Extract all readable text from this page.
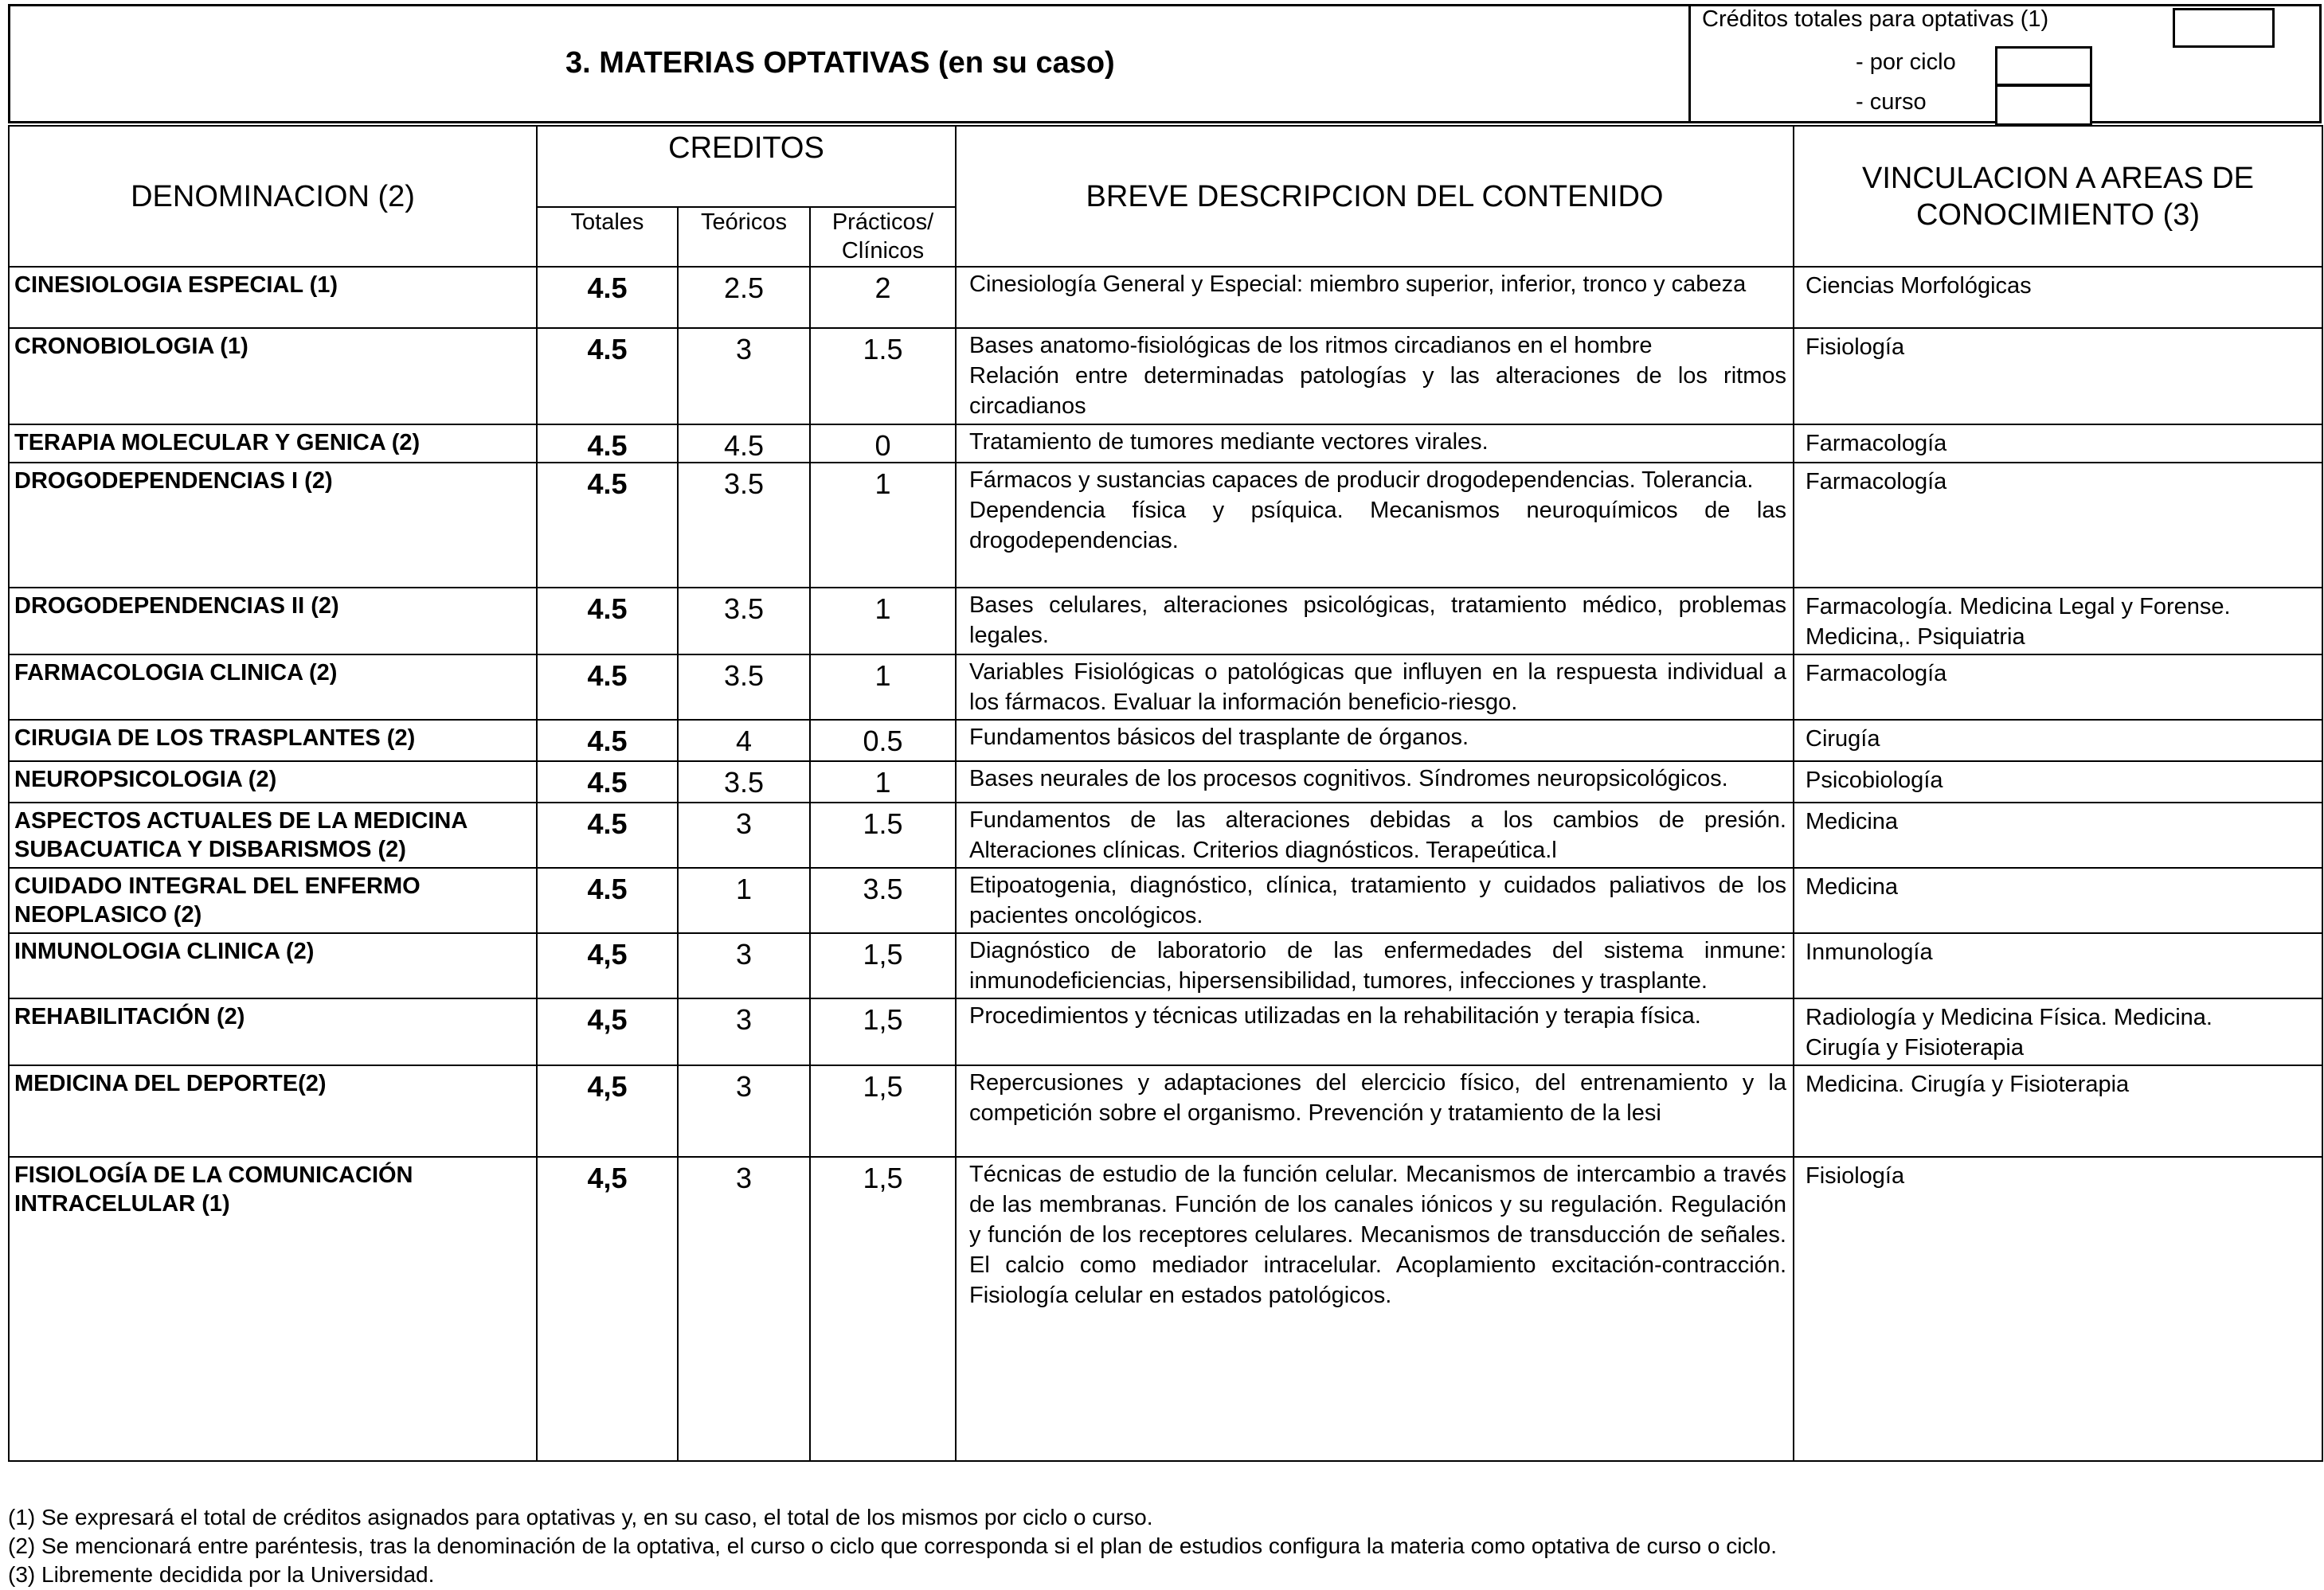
3. MATERIAS OPTATIVAS (en su caso)
Créditos totales para optativas (1)
- por ciclo
- curso
DENOMINACION (2)	CREDITOS			BREVE DESCRIPCION DEL CONTENIDO	VINCULACION A AREAS DE CONOCIMIENTO (3)
	Totales	Teóricos	Prácticos/
Clínicos		
CINESIOLOGIA ESPECIAL (1)	4.5	2.5	2	Cinesiología General y Especial: miembro superior, inferior, tronco y cabeza	Ciencias Morfológicas
CRONOBIOLOGIA (1)	4.5	3	1.5	Bases anatomo-fisiológicas de los ritmos circadianos en el hombre
Relación entre determinadas patologías y las alteraciones de los ritmos circadianos	Fisiología
TERAPIA MOLECULAR Y GENICA (2)	4.5	4.5	0	Tratamiento de tumores mediante vectores virales.	Farmacología
DROGODEPENDENCIAS I (2)	4.5	3.5	1	Fármacos y sustancias capaces de producir drogodependencias. Tolerancia.
Dependencia física y psíquica. Mecanismos neuroquímicos de las drogodependencias.	Farmacología
DROGODEPENDENCIAS II (2)	4.5	3.5	1	Bases celulares, alteraciones psicológicas, tratamiento médico, problemas legales.	Farmacología. Medicina Legal y Forense.
Medicina,. Psiquiatria
FARMACOLOGIA CLINICA (2)	4.5	3.5	1	Variables Fisiológicas o patológicas que influyen en la respuesta individual a los fármacos. Evaluar la información beneficio-riesgo.	Farmacología
CIRUGIA DE LOS TRASPLANTES (2)	4.5	4	0.5	Fundamentos básicos del trasplante de órganos.	Cirugía
NEUROPSICOLOGIA (2)	4.5	3.5	1	Bases neurales de los procesos cognitivos. Síndromes neuropsicológicos.	Psicobiología
ASPECTOS ACTUALES DE LA MEDICINA SUBACUATICA Y DISBARISMOS (2)	4.5	3	1.5	Fundamentos de las alteraciones debidas a los cambios de presión. Alteraciones clínicas. Criterios diagnósticos. Terapeútica.l	Medicina
CUIDADO INTEGRAL DEL ENFERMO NEOPLASICO (2)	4.5	1	3.5	Etipoatogenia, diagnóstico, clínica, tratamiento y cuidados paliativos de los pacientes oncológicos.	Medicina
INMUNOLOGIA CLINICA (2)	4,5	3	1,5	Diagnóstico de laboratorio de las enfermedades del sistema inmune: inmunodeficiencias, hipersensibilidad, tumores, infecciones y trasplante.	Inmunología
REHABILITACIÓN (2)	4,5	3	1,5	Procedimientos y técnicas utilizadas en la rehabilitación y terapia física.	Radiología y Medicina Física. Medicina.
Cirugía y Fisioterapia
MEDICINA DEL DEPORTE(2)	4,5	3	1,5	Repercusiones y adaptaciones del elercicio físico, del entrenamiento y la competición sobre el organismo. Prevención y tratamiento de la lesi	Medicina. Cirugía y Fisioterapia
FISIOLOGÍA DE LA COMUNICACIÓN INTRACELULAR (1)	4,5	3	1,5	Técnicas de estudio de la función celular. Mecanismos de intercambio a través de las membranas. Función de los canales iónicos y su regulación. Regulación y función de los receptores celulares. Mecanismos de transducción de señales. El calcio como mediador intracelular. Acoplamiento excitación-contracción. Fisiología celular en estados patológicos.	Fisiología
(1) Se expresará el total de créditos asignados para optativas y, en su caso, el total de los mismos por ciclo o curso.
(2) Se mencionará entre paréntesis, tras la denominación de la optativa, el curso o ciclo que corresponda si el plan de estudios configura la materia como optativa de curso o ciclo.
(3) Libremente decidida por la Universidad.
